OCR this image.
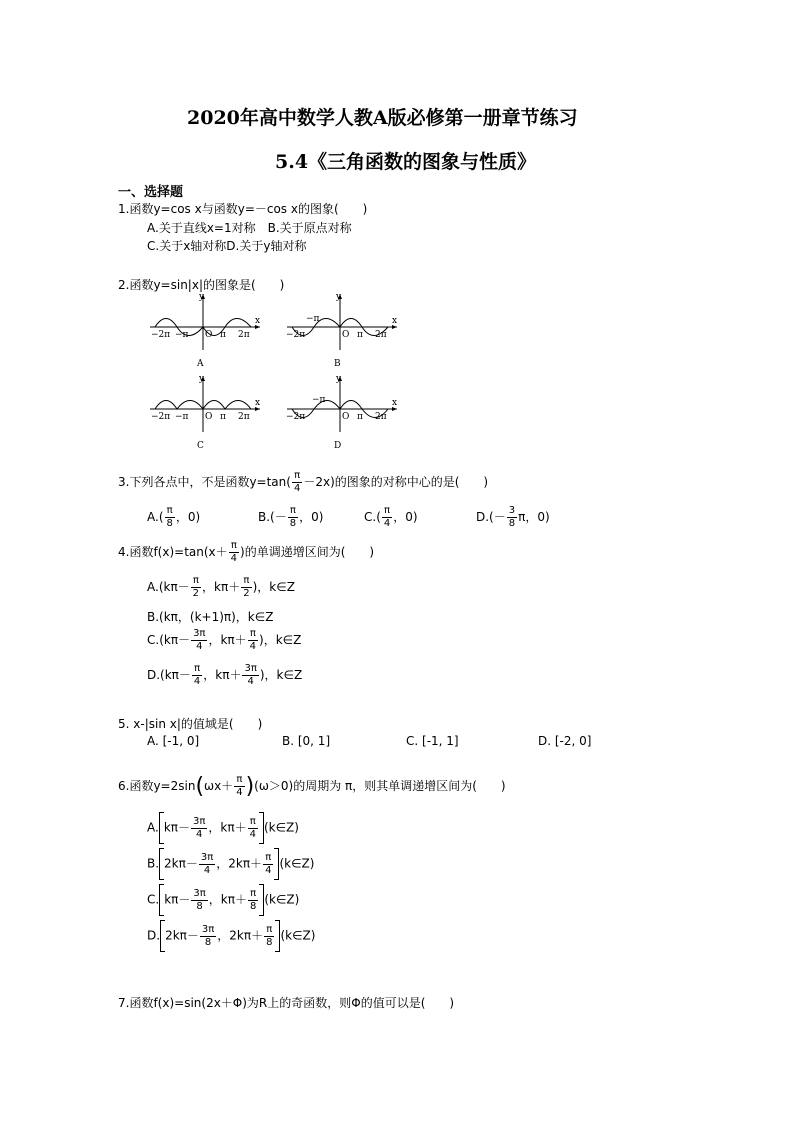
2020年高中数学人教A版必修第一册章节练习
5.4《三角函数的图象与性质》
一、选择题
1.函数y=cos x与函数y=－cos x的图象(　　)
A.关于直线x=1对称　B.关于原点对称
C.关于x轴对称D.关于y轴对称
2.函数y=sin|x|的图象是(　　)
y
x
−2π −π O π 2π
A
y
x
−2π
−π
O π 2π
B
y
x
−2π −π O π 2π
C
y
x
−2π
−π
O π 2π
D
3.下列各点中，不是函数$y=\tan( \frac{\pi}{4} -2x)$的图象的对称中心的是(　　)
$A.( \frac{\pi}{8}$ ，0)	$B.(- \frac{\pi}{8}$ ，0)	$C.( \frac{\pi}{4}$ ，0)	$D.(- \frac{3}{8}$ π，0)
4.函数$f(x)=\tan(x+ \frac{\pi}{4}$ )的单调递增区间为(　　)
$A.(k\pi- \frac{\pi}{2}$ ，$k\pi+ \frac{\pi}{2}$ )，k∈Z
B.(kπ，(k+1)π)，k∈Z
$C.(k\pi- \frac{3\pi}{4}$ ，$k\pi+ \frac{\pi}{4}$ )，k∈Z
$D.(k\pi- \frac{\pi}{4}$ ，$k\pi+ \frac{3\pi}{4}$ )，k∈Z
5. x-|sin x|的值域是(　　)
A. [-1, 0]	B. [0, 1]	C. [-1, 1]	D. [-2, 0]
6.函数$y=2\sin(\omega x+ \frac{\pi}{4} )(\omega>0)$的周期为 π，则其单调递增区间为(　　)
A. $k\pi- \frac{3\pi}{4}$ ，$k\pi+ \frac{\pi}{4}$ (k∈Z)
B. $2k\pi- \frac{3\pi}{4}$ ，$2k\pi+ \frac{\pi}{4}$ (k∈Z)
C. $k\pi- \frac{3\pi}{8}$ ，$k\pi+ \frac{\pi}{8}$ (k∈Z)
D. $2k\pi- \frac{3\pi}{8}$ ，$2k\pi+ \frac{\pi}{8}$ (k∈Z)
7.函数f(x)=sin(2x＋Φ)为R上的奇函数，则Φ的值可以是(　　)
